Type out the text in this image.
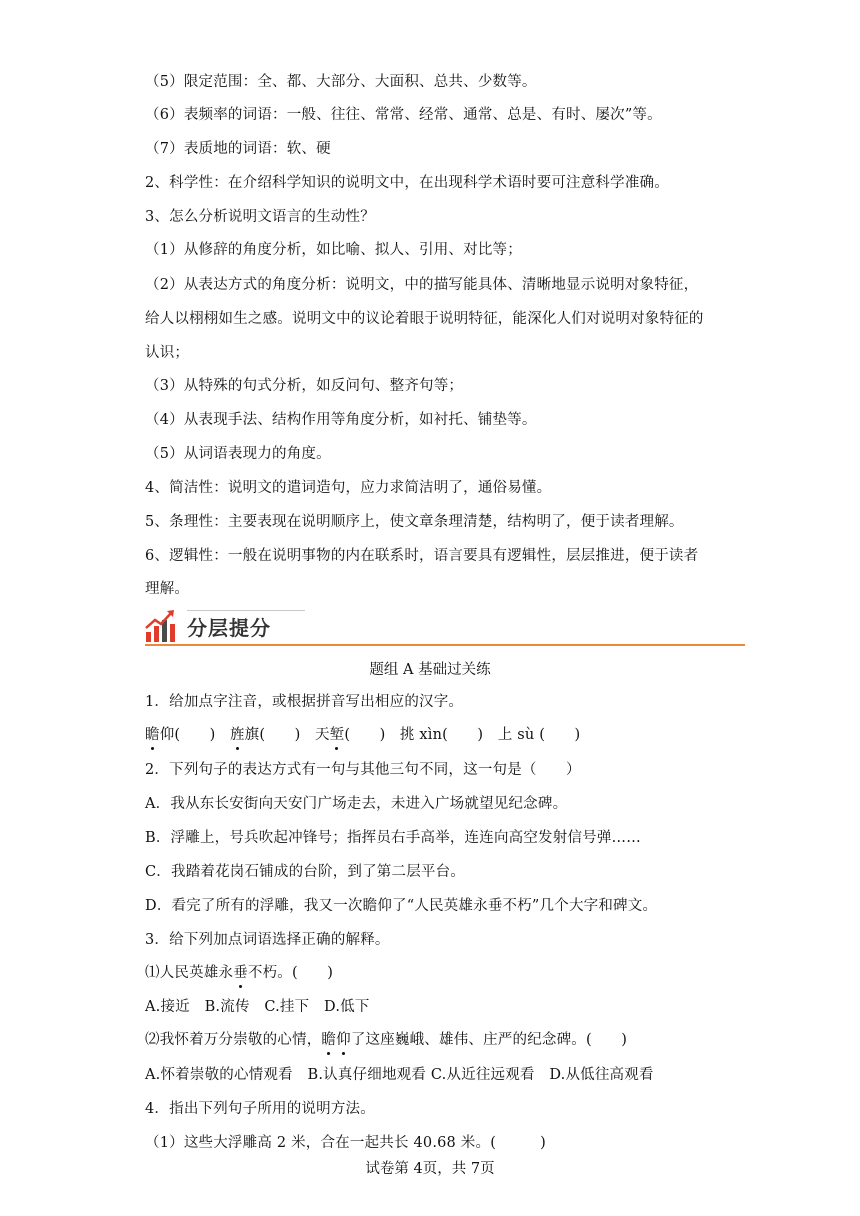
（5）限定范围：全、都、大部分、大面积、总共、少数等。
（6）表频率的词语：一般、往往、常常、经常、通常、总是、有时、屡次”等。
（7）表质地的词语：软、硬
2、科学性：在介绍科学知识的说明文中，在出现科学术语时要可注意科学准确。
3、怎么分析说明文语言的生动性？
（1）从修辞的角度分析，如比喻、拟人、引用、对比等；
（2）从表达方式的角度分析：说明文，中的描写能具体、清晰地显示说明对象特征，
给人以栩栩如生之感。说明文中的议论着眼于说明特征，能深化人们对说明对象特征的
认识；
（3）从特殊的句式分析，如反问句、整齐句等；
（4）从表现手法、结构作用等角度分析，如衬托、铺垫等。
（5）从词语表现力的角度。
4、简洁性：说明文的遣词造句，应力求简洁明了，通俗易懂。
5、条理性：主要表现在说明顺序上，使文章条理清楚，结构明了，便于读者理解。
6、逻辑性：一般在说明事物的内在联系时，语言要具有逻辑性，层层推进，便于读者
理解。
分层提分
题组 A 基础过关练
1．给加点字注音，或根据拼音写出相应的汉字。
瞻仰(　　) 旌旗(　　) 天堑(　　) 挑 xìn(　　) 上 sù (　　)
2．下列句子的表达方式有一句与其他三句不同，这一句是（　　）
A．我从东长安街向天安门广场走去，未进入广场就望见纪念碑。
B．浮雕上，号兵吹起冲锋号；指挥员右手高举，连连向高空发射信号弹……
C．我踏着花岗石铺成的台阶，到了第二层平台。
D．看完了所有的浮雕，我又一次瞻仰了“人民英雄永垂不朽”几个大字和碑文。
3．给下列加点词语选择正确的解释。
⑴人民英雄永垂不朽。(　　)
A.接近　B.流传　C.挂下　D.低下
⑵我怀着万分崇敬的心情，瞻仰了这座巍峨、雄伟、庄严的纪念碑。(　　)
A.怀着崇敬的心情观看　B.认真仔细地观看 C.从近往远观看　D.从低往高观看
4．指出下列句子所用的说明方法。
（1）这些大浮雕高 2 米，合在一起共长 40.68 米。(　　　)
试卷第 4页，共 7页
